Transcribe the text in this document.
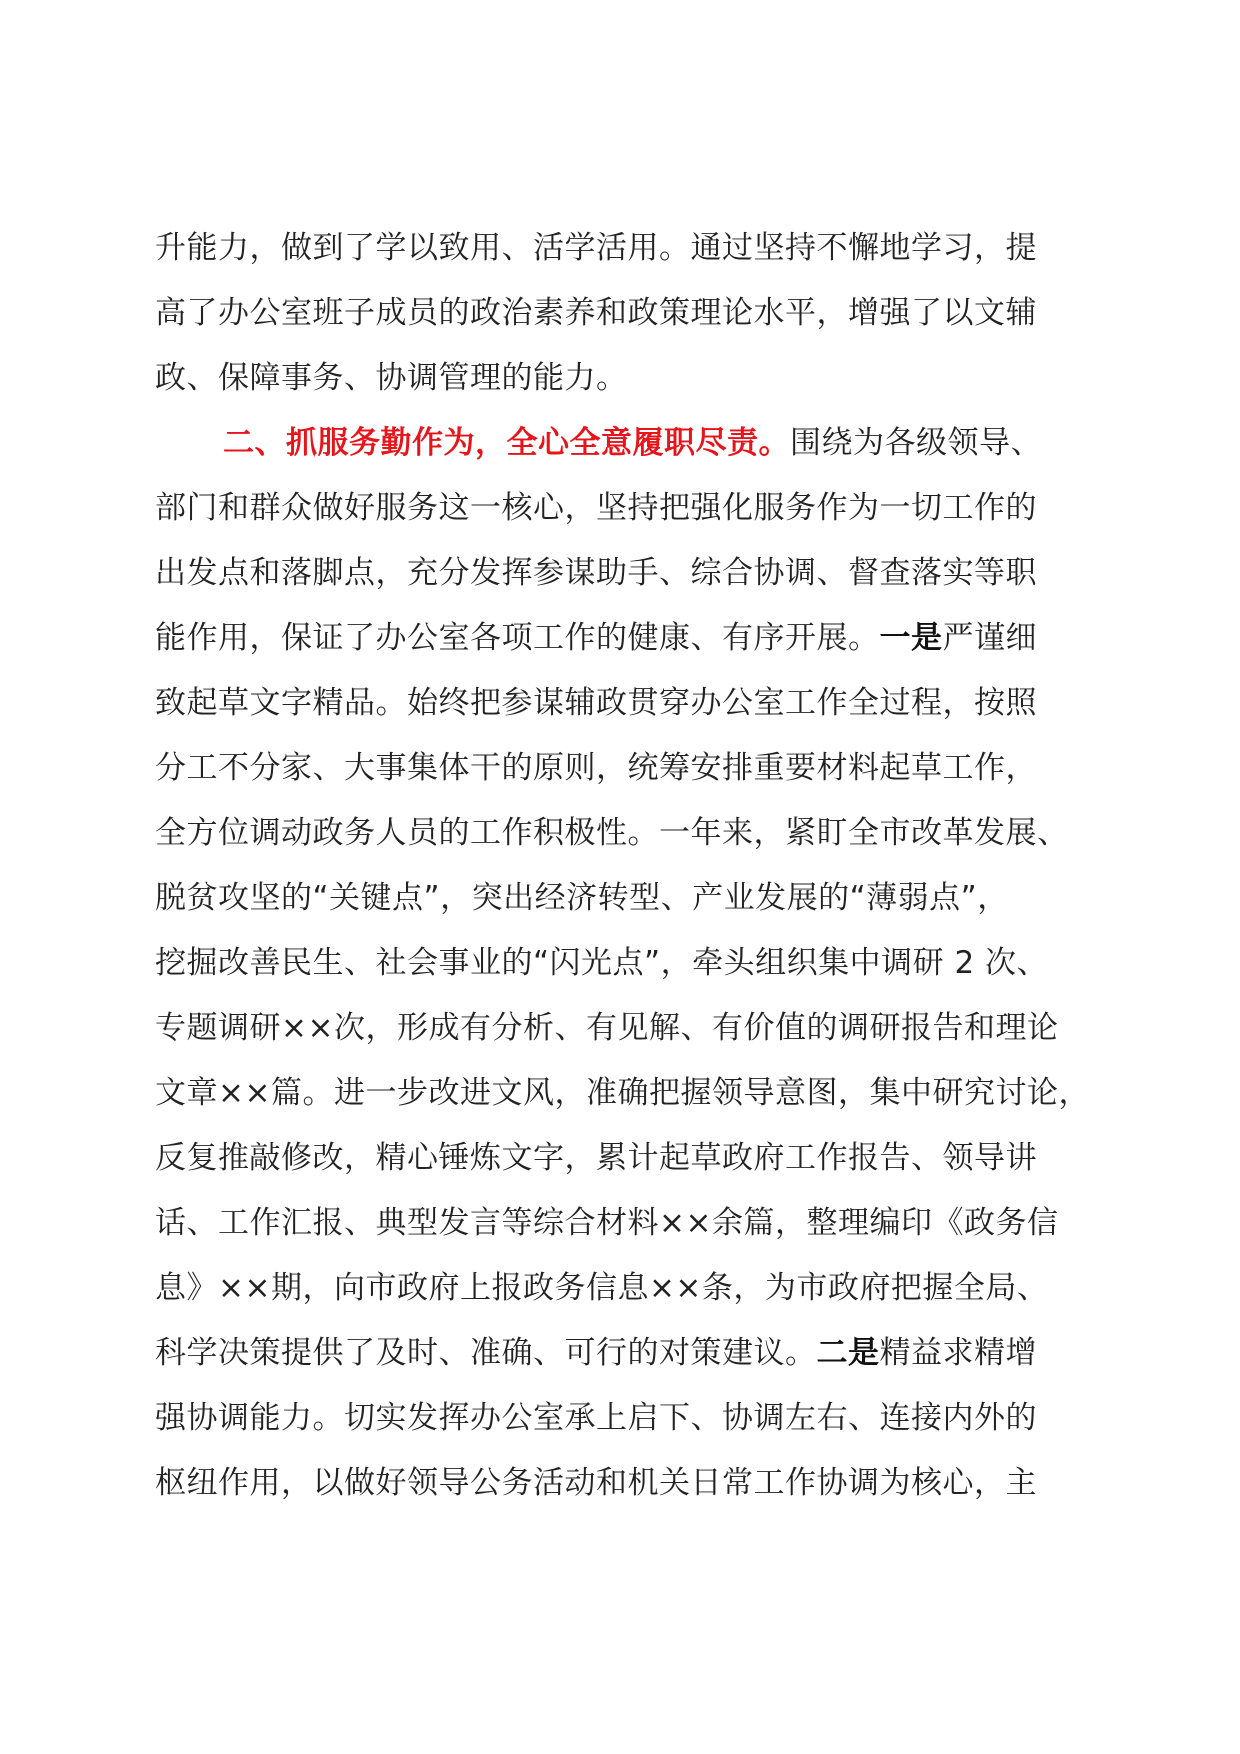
升能力，做到了学以致用、活学活用。通过坚持不懈地学习，提
高了办公室班子成员的政治素养和政策理论水平，增强了以文辅
政、保障事务、协调管理的能力。
二、抓服务勤作为，全心全意履职尽责。围绕为各级领导、
部门和群众做好服务这一核心，坚持把强化服务作为一切工作的
出发点和落脚点，充分发挥参谋助手、综合协调、督查落实等职
能作用，保证了办公室各项工作的健康、有序开展。一是严谨细
致起草文字精品。始终把参谋辅政贯穿办公室工作全过程，按照
分工不分家、大事集体干的原则，统筹安排重要材料起草工作，
全方位调动政务人员的工作积极性。一年来，紧盯全市改革发展、
脱贫攻坚的“关键点”，突出经济转型、产业发展的“薄弱点”，
挖掘改善民生、社会事业的“闪光点”，牵头组织集中调研 2 次、
专题调研××次，形成有分析、有见解、有价值的调研报告和理论
文章××篇。进一步改进文风，准确把握领导意图，集中研究讨论，
反复推敲修改，精心锤炼文字，累计起草政府工作报告、领导讲
话、工作汇报、典型发言等综合材料××余篇，整理编印《政务信
息》××期，向市政府上报政务信息××条，为市政府把握全局、
科学决策提供了及时、准确、可行的对策建议。二是精益求精增
强协调能力。切实发挥办公室承上启下、协调左右、连接内外的
枢纽作用，以做好领导公务活动和机关日常工作协调为核心，主
